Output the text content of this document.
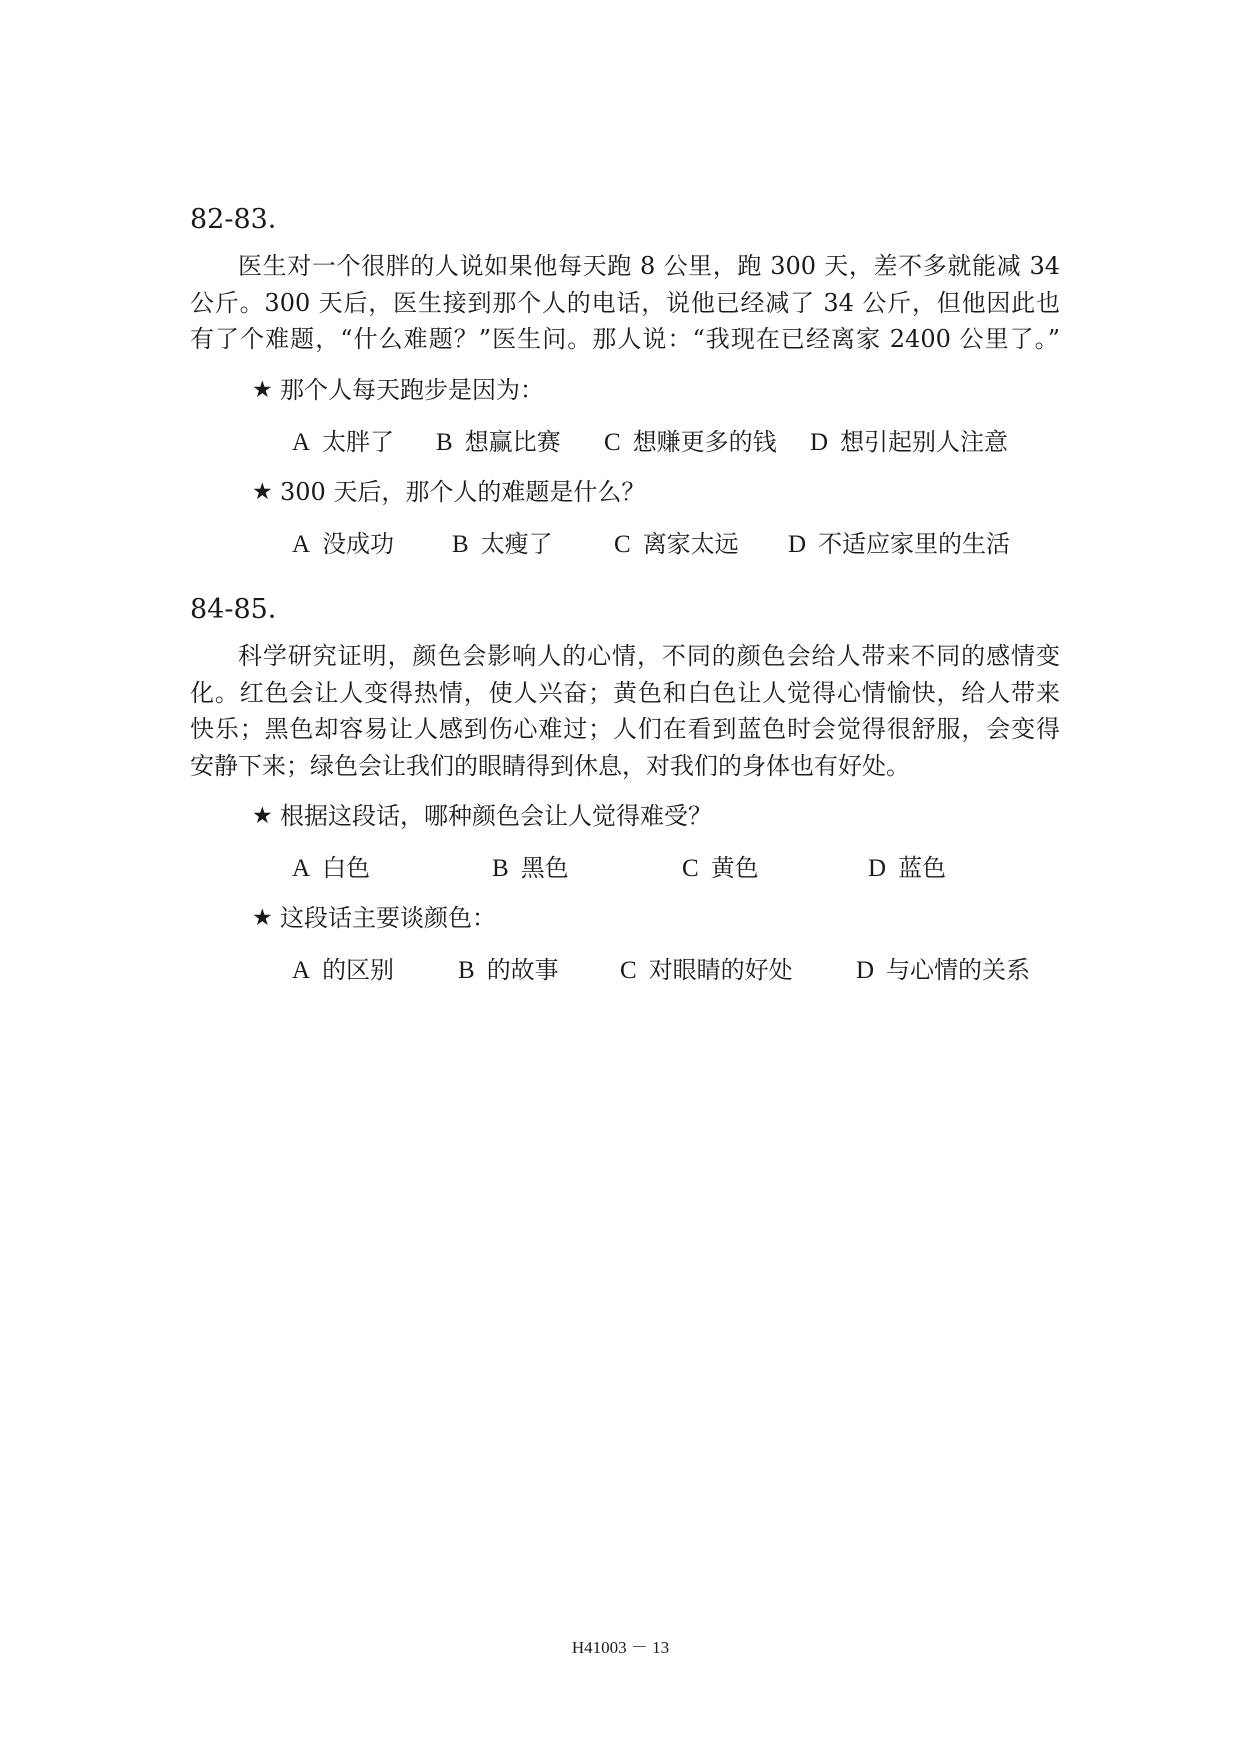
82-83．
医生对一个很胖的人说如果他每天跑 8 公里，跑 300 天，差不多就能减 34
公斤。300 天后，医生接到那个人的电话，说他已经减了 34 公斤，但他因此也
有了个难题，“什么难题？”医生问。那人说：“我现在已经离家 2400 公里了。”
★ 那个人每天跑步是因为：
A 太胖了 B 想赢比赛 C 想赚更多的钱 D 想引起别人注意
★ 300 天后，那个人的难题是什么？
A 没成功 B 太瘦了 C 离家太远 D 不适应家里的生活
84-85．
科学研究证明，颜色会影响人的心情，不同的颜色会给人带来不同的感情变
化。红色会让人变得热情，使人兴奋；黄色和白色让人觉得心情愉快，给人带来
快乐；黑色却容易让人感到伤心难过；人们在看到蓝色时会觉得很舒服，会变得
安静下来；绿色会让我们的眼睛得到休息，对我们的身体也有好处。
★ 根据这段话，哪种颜色会让人觉得难受？
A 白色	B 黑色	C 黄色	D 蓝色
★ 这段话主要谈颜色：
A 的区别	B 的故事 C 对眼睛的好处	D 与心情的关系
H41003 － 13
